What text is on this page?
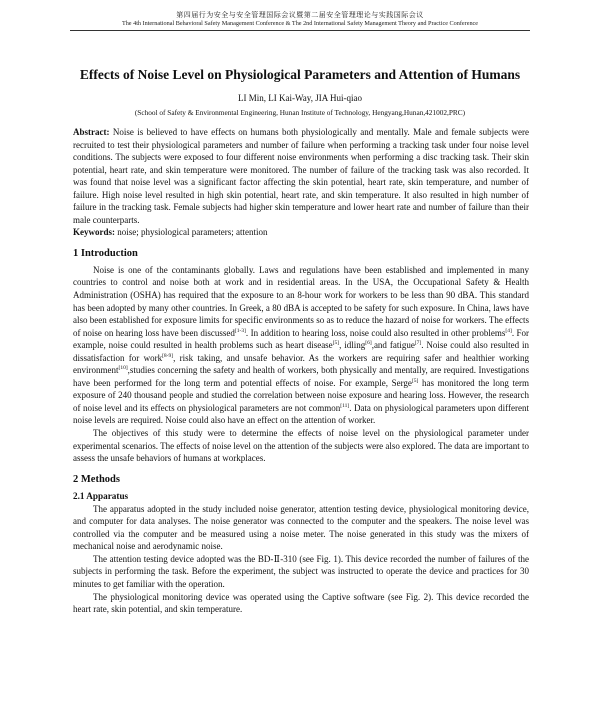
第四届行为安全与安全管理国际会议暨第二届安全管理理论与实践国际会议
The 4th International Behavioral Safety Management Conference & The 2nd International Safety Management Theory and Practice Conference
Effects of Noise Level on Physiological Parameters and Attention of Humans
LI Min, LI Kai-Way, JIA Hui-qiao
(School of Safety & Environmental Engineering, Hunan Institute of Technology, Hengyang,Hunan,421002,PRC)

Abstract: Noise is believed to have effects on humans both physiologically and mentally. Male and female subjects were recruited to test their physiological parameters and number of failure when performing a tracking task under four noise level conditions. The subjects were exposed to four different noise environments when performing a disc tracking task. Their skin potential, heart rate, and skin temperature were monitored. The number of failure of the tracking task was also recorded. It was found that noise level was a significant factor affecting the skin potential, heart rate, skin temperature, and number of failure. High noise level resulted in high skin potential, heart rate, and skin temperature. It also resulted in high number of failure in the tracking task. Female subjects had higher skin temperature and lower heart rate and number of failure than their male counterparts.

Keywords: noise; physiological parameters; attention

1 Introduction

Noise is one of the contaminants globally. Laws and regulations have been established and implemented in many countries to control and noise both at work and in residential areas. In the USA, the Occupational Safety & Health Administration (OSHA) has required that the exposure to an 8-hour work for workers to be less than 90 dBA. This standard has been adopted by many other countries. In Greek, a 80 dBA is accepted to be safety for such exposure. In China, laws have also been established for exposure limits for specific environments so as to reduce the hazard of noise for workers. The effects of noise on hearing loss have been discussed[1-3]. In addition to hearing loss, noise could also resulted in other problems[4]. For example, noise could resulted in health problems such as heart disease[5], idling[6],and fatigue[7]. Noise could also resulted in dissatisfaction for work[8-9], risk taking, and unsafe behavior. As the workers are requiring safer and healthier working environment[10],studies concerning the safety and health of workers, both physically and mentally, are required. Investigations have been performed for the long term and potential effects of noise. For example, Serge[5] has monitored the long term exposure of 240 thousand people and studied the correlation between noise exposure and hearing loss. However, the research of noise level and its effects on physiological parameters are not common[11]. Data on physiological parameters upon different noise levels are required. Noise could also have an effect on the attention of worker.

The objectives of this study were to determine the effects of noise level on the physiological parameter under experimental scenarios. The effects of noise level on the attention of the subjects were also explored. The data are important to assess the unsafe behaviors of humans at workplaces.

2 Methods
2.1 Apparatus

The apparatus adopted in the study included noise generator, attention testing device, physiological monitoring device, and computer for data analyses. The noise generator was connected to the computer and the speakers. The noise level was controlled via the computer and be measured using a noise meter. The noise generated in this study was the mixers of mechanical noise and aerodynamic noise.

The attention testing device adopted was the BD-Ⅱ-310 (see Fig. 1). This device recorded the number of failures of the subjects in performing the task. Before the experiment, the subject was instructed to operate the device and practices for 30 minutes to get familiar with the operation.

The physiological monitoring device was operated using the Captive software (see Fig. 2). This device recorded the heart rate, skin potential, and skin temperature.
